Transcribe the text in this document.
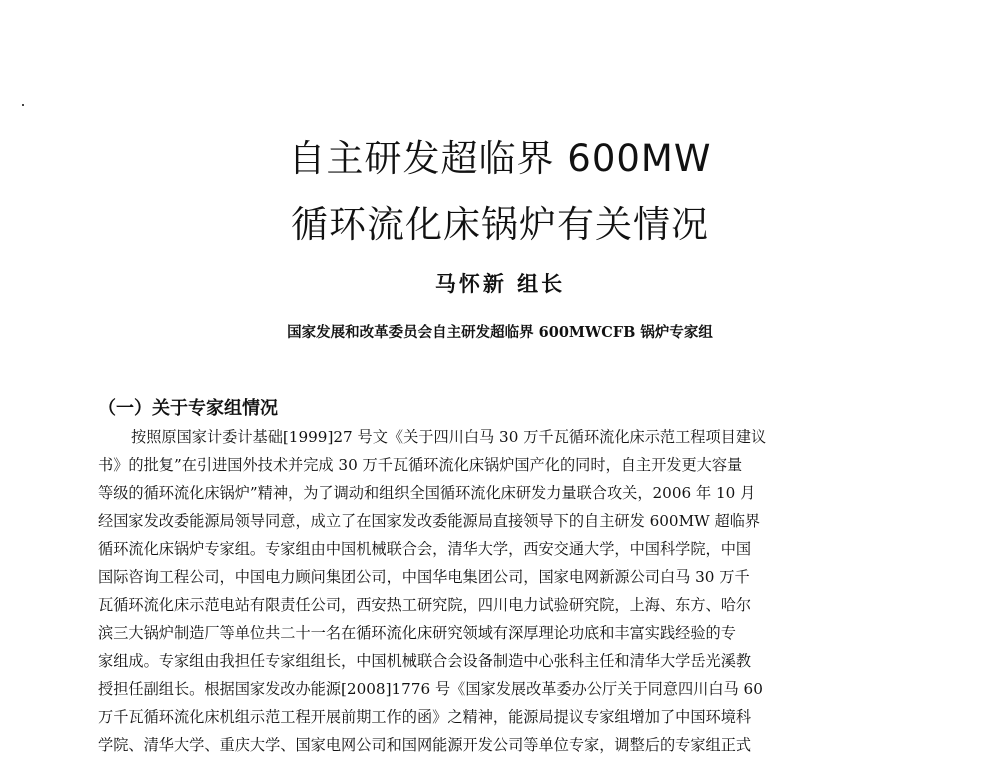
自主研发超临界 600MW
循环流化床锅炉有关情况
马怀新 组长
国家发展和改革委员会自主研发超临界 600MWCFB 锅炉专家组
（一）关于专家组情况
按照原国家计委计基础[1999]27 号文《关于四川白马 30 万千瓦循环流化床示范工程项目建议
书》的批复”在引进国外技术并完成 30 万千瓦循环流化床锅炉国产化的同时，自主开发更大容量
等级的循环流化床锅炉”精神，为了调动和组织全国循环流化床研发力量联合攻关，2006 年 10 月
经国家发改委能源局领导同意，成立了在国家发改委能源局直接领导下的自主研发 600MW 超临界
循环流化床锅炉专家组。专家组由中国机械联合会，清华大学，西安交通大学，中国科学院，中国
国际咨询工程公司，中国电力顾问集团公司，中国华电集团公司，国家电网新源公司白马 30 万千
瓦循环流化床示范电站有限责任公司，西安热工研究院，四川电力试验研究院，上海、东方、哈尔
滨三大锅炉制造厂等单位共二十一名在循环流化床研究领域有深厚理论功底和丰富实践经验的专
家组成。专家组由我担任专家组组长，中国机械联合会设备制造中心张科主任和清华大学岳光溪教
授担任副组长。根据国家发改办能源[2008]1776 号《国家发展改革委办公厅关于同意四川白马 60
万千瓦循环流化床机组示范工程开展前期工作的函》之精神，能源局提议专家组增加了中国环境科
学院、清华大学、重庆大学、国家电网公司和国网能源开发公司等单位专家，调整后的专家组正式
